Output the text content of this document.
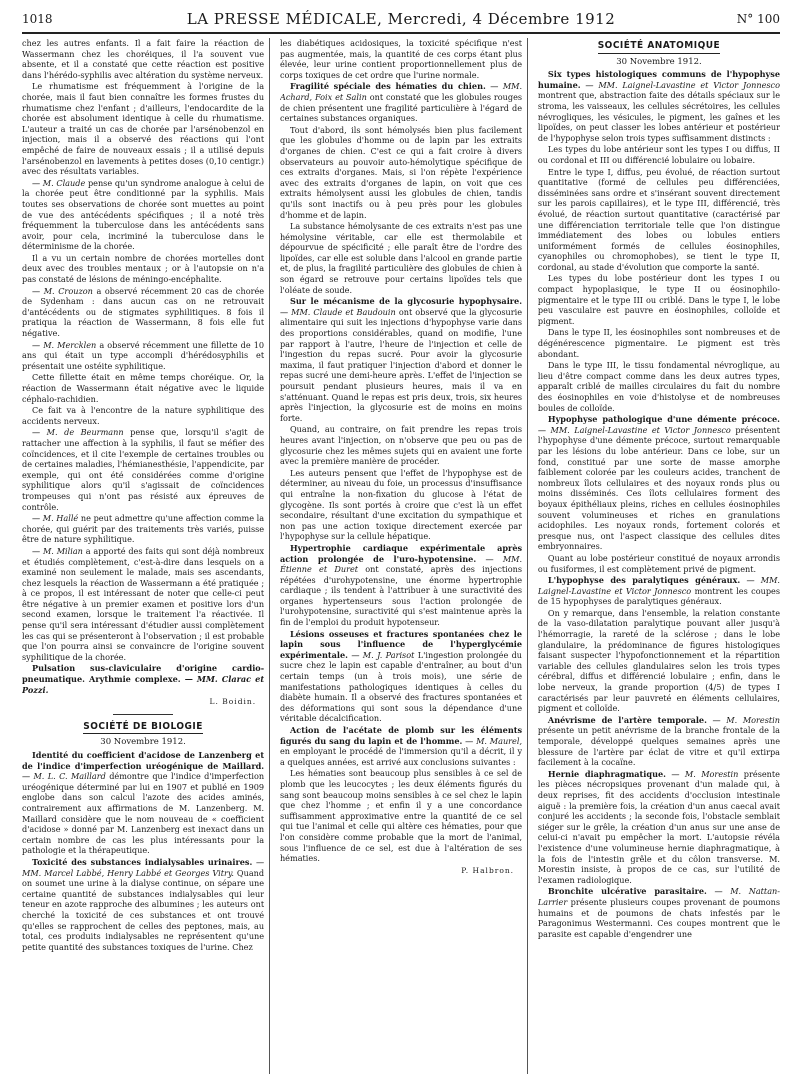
1018	LA PRESSE MÉDICALE, Mercredi, 4 Décembre 1912	N° 100

chez les autres enfants. Il a fait faire la réaction de Wassermann chez les choréiques, il l'a souvent vue absente, et il a constaté que cette réaction est positive dans l'hérédo-syphilis avec altération du système nerveux.

Le rhumatisme est fréquemment à l'origine de la chorée, mais il faut bien connaître les formes frustes du rhumatisme chez l'enfant ; d'ailleurs, l'endocardite de la chorée est absolument identique à celle du rhumatisme. L'auteur a traité un cas de chorée par l'arsénobenzol en injection, mais il a observé des réactions qui l'ont empêché de faire de nouveaux essais ; il a utilisé depuis l'arsénobenzol en lavements à petites doses (0,10 centigr.) avec des résultats variables.

— M. Claude pense qu'un syndrome analogue à celui de la chorée peut être conditionné par la syphilis. Mais toutes ses observations de chorée sont muettes au point de vue des antécédents spécifiques ; il a noté très fréquemment la tuberculose dans les antécédents sans avoir, pour cela, incriminé la tuberculose dans le déterminisme de la chorée.

Il a vu un certain nombre de chorées mortelles dont deux avec des troubles mentaux ; or à l'autopsie on n'a pas constaté de lésions de méningo-encéphalite.

— M. Crouzon a observé récemment 20 cas de chorée de Sydenham : dans aucun cas on ne retrouvait d'antécédents ou de stigmates syphilitiques. 8 fois il pratiqua la réaction de Wassermann, 8 fois elle fut négative.

— M. Mercklen a observé récemment une fillette de 10 ans qui était un type accompli d'hérédosyphilis et présentait une ostéite syphilitique.

Cette fillette était en même temps choréique. Or, la réaction de Wassermann était négative avec le liquide céphalo-rachidien.

Ce fait va à l'encontre de la nature syphilitique des accidents nerveux.

— M. de Beurmann pense que, lorsqu'il s'agit de rattacher une affection à la syphilis, il faut se méfier des coïncidences, et il cite l'exemple de certaines troubles ou de certaines maladies, l'hémianesthésie, l'appendicite, par exemple, qui ont été considérées comme d'origine syphilitique alors qu'il s'agissait de coïncidences trompeuses qui n'ont pas résisté aux épreuves de contrôle.

— M. Hallé ne peut admettre qu'une affection comme la chorée, qui guérit par des traitements très variés, puisse être de nature syphilitique.

— M. Milian a apporté des faits qui sont déjà nombreux et étudiés complètement, c'est-à-dire dans lesquels on a examiné non seulement le malade, mais ses ascendants, chez lesquels la réaction de Wassermann a été pratiquée ; à ce propos, il est intéressant de noter que celle-ci peut être négative à un premier examen et positive lors d'un second examen, lorsque le traitement l'a réactivée. Il pense qu'il sera intéressant d'étudier aussi complètement les cas qui se présenteront à l'observation ; il est probable que l'on pourra ainsi se convaincre de l'origine souvent syphilitique de la chorée.

Pulsation sus-claviculaire d'origine cardio-pneumatique. Arythmie complexe. — MM. Clarac et Pozzi.

L. Boidin.
SOCIÉTÉ DE BIOLOGIE
30 Novembre 1912.

Identité du coefficient d'acidose de Lanzenberg et de l'indice d'imperfection uréogénique de Maillard. — M. L. C. Maillard démontre que l'indice d'imperfection uréogénique déterminé par lui en 1907 et publié en 1909 englobe dans son calcul l'azote des acides aminés, contrairement aux affirmations de M. Lanzenberg. M. Maillard considère que le nom nouveau de « coefficient d'acidose » donné par M. Lanzenberg est inexact dans un certain nombre de cas les plus intéressants pour la pathologie et la thérapeutique.

Toxicité des substances indialysables urinaires. — MM. Marcel Labbé, Henry Labbé et Georges Vitry. Quand on soumet une urine à la dialyse continue, on sépare une certaine quantité de substances indialysables qui leur teneur en azote rapproche des albumines ; les auteurs ont cherché la toxicité de ces substances et ont trouvé qu'elles se rapprochent de celles des peptones, mais, au total, ces produits indialysables ne représentent qu'une petite quantité des substances toxiques de l'urine. Chez

les diabétiques acidosiques, la toxicité spécifique n'est pas augmentée, mais, la quantité de ces corps étant plus élevée, leur urine contient proportionnellement plus de corps toxiques de cet ordre que l'urine normale.

Fragilité spéciale des hématies du chien. — MM. Achard, Foix et Salin ont constaté que les globules rouges de chien présentent une fragilité particulière à l'égard de certaines substances organiques.

Tout d'abord, ils sont hémolysés bien plus facilement que les globules d'homme ou de lapin par les extraits d'organes de chien. C'est ce qui a fait croire à divers observateurs au pouvoir auto-hémolytique spécifique de ces extraits d'organes. Mais, si l'on répète l'expérience avec des extraits d'organes de lapin, on voit que ces extraits hémolysent aussi les globules de chien, tandis qu'ils sont inactifs ou à peu près pour les globules d'homme et de lapin.

La substance hémolysante de ces extraits n'est pas une hémolysine véritable, car elle est thermolabile et dépourvue de spécificité ; elle paraît être de l'ordre des lipoïdes, car elle est soluble dans l'alcool en grande partie et, de plus, la fragilité particulière des globules de chien à son égard se retrouve pour certains lipoïdes tels que l'oléate de soude.

Sur le mécanisme de la glycosurie hypophysaire. — MM. Claude et Baudouin ont observé que la glycosurie alimentaire qui suit les injections d'hypophyse varie dans des proportions considérables, quand on modifie, l'une par rapport à l'autre, l'heure de l'injection et celle de l'ingestion du repas sucré. Pour avoir la glycosurie maxima, il faut pratiquer l'injection d'abord et donner le repas sucré une demi-heure après. L'effet de l'injection se poursuit pendant plusieurs heures, mais il va en s'atténuant. Quand le repas est pris deux, trois, six heures après l'injection, la glycosurie est de moins en moins forte.

Quand, au contraire, on fait prendre les repas trois heures avant l'injection, on n'observe que peu ou pas de glycosurie chez les mêmes sujets qui en avaient une forte avec la première manière de procéder.

Les auteurs pensent que l'effet de l'hypophyse est de déterminer, au niveau du foie, un processus d'insuffisance qui entraîne la non-fixation du glucose à l'état de glycogène. Ils sont portés à croire que c'est là un effet secondaire, résultant d'une excitation du sympathique et non pas une action toxique directement exercée par l'hypophyse sur la cellule hépatique.

Hypertrophie cardiaque expérimentale après action prolongée de l'uro-hypotensine. — MM. Étienne et Duret ont constaté, après des injections répétées d'urohypotensine, une énorme hypertrophie cardiaque ; ils tendent à l'attribuer à une suractivité des organes hypertenseurs sous l'action prolongée de l'urohypotensine, suractivité qui s'est maintenue après la fin de l'emploi du produit hypotenseur.

Lésions osseuses et fractures spontanées chez le lapin sous l'influence de l'hyperglycémie expérimentale. — M. J. Parisot L'ingestion prolongée du sucre chez le lapin est capable d'entraîner, au bout d'un certain temps (un à trois mois), une série de manifestations pathologiques identiques à celles du diabète humain. Il a observé des fractures spontanées et des déformations qui sont sous la dépendance d'une véritable décalcification.

Action de l'acétate de plomb sur les éléments figurés du sang du lapin et de l'homme. — M. Maurel, en employant le procédé de l'immersion qu'il a décrit, il y a quelques années, est arrivé aux conclusions suivantes :

Les hématies sont beaucoup plus sensibles à ce sel de plomb que les leucocytes ; les deux éléments figurés du sang sont beaucoup moins sensibles à ce sel chez le lapin que chez l'homme ; et enfin il y a une concordance suffisamment approximative entre la quantité de ce sel qui tue l'animal et celle qui altère ces hématies, pour que l'on considère comme probable que la mort de l'animal, sous l'influence de ce sel, est due à l'altération de ses hématies.

P. Halbron.
SOCIÉTÉ ANATOMIQUE
30 Novembre 1912.

Six types histologiques communs de l'hypophyse humaine. — MM. Laignel-Lavastine et Victor Jonnesco montrent que, abstraction faite des détails spéciaux sur le stroma, les vaisseaux, les cellules sécrétoires, les cellules névrogliques, les vésicules, le pigment, les gaînes et les lipoïdes, on peut classer les lobes antérieur et postérieur de l'hypophyse selon trois types suffisamment distincts :

Les types du lobe antérieur sont les types I ou diffus, II ou cordonal et III ou différencié lobulaire ou lobaire.

Entre le type I, diffus, peu évolué, de réaction surtout quantitative (formé de cellules peu différenciées, disséminées sans ordre et s'insérant souvent directement sur les parois capillaires), et le type III, différencié, très évolué, de réaction surtout quantitative (caractérisé par une différenciation territoriale telle que l'on distingue immédiatement des lobes ou lobules entiers uniformément formés de cellules éosinophiles, cyanophiles ou chromophobes), se tient le type II, cordonal, au stade d'évolution que comporte la santé.

Les types du lobe postérieur dont les types I ou compact hypoplasique, le type II ou éosinophilo-pigmentaire et le type III ou criblé. Dans le type I, le lobe peu vasculaire est pauvre en éosinophiles, colloïde et pigment.

Dans le type II, les éosinophiles sont nombreuses et de dégénérescence pigmentaire. Le pigment est très abondant.

Dans le type III, le tissu fondamental névroglique, au lieu d'être compact comme dans les deux autres types, apparaît criblé de mailles circulaires du fait du nombre des éosinophiles en voie d'histolyse et de nombreuses boules de colloïde.

Hypophyse pathologique d'une démente précoce. — MM. Laignel-Lavastine et Victor Jonnesco présentent l'hypophyse d'une démente précoce, surtout remarquable par les lésions du lobe antérieur. Dans ce lobe, sur un fond, constitué par une sorte de masse amorphe faiblement colorée par les couleurs acides, tranchent de nombreux îlots cellulaires et des noyaux ronds plus ou moins disséminés. Ces îlots cellulaires forment des boyaux épithéliaux pleins, riches en cellules éosinophiles souvent volumineuses et riches en granulations acidophiles. Les noyaux ronds, fortement colorés et presque nus, ont l'aspect classique des cellules dites embryonnaires.

Quant au lobe postérieur constitué de noyaux arrondis ou fusiformes, il est complètement privé de pigment.

L'hypophyse des paralytiques généraux. — MM. Laignel-Lavastine et Victor Jonnesco montrent les coupes de 15 hypophyses de paralytiques généraux.

On y remarque, dans l'ensemble, la relation constante de la vaso-dilatation paralytique pouvant aller jusqu'à l'hémorragie, la rareté de la sclérose ; dans le lobe glandulaire, la prédominance de figures histologiques faisant suspecter l'hypofonctionnement et la répartition variable des cellules glandulaires selon les trois types cérébral, diffus et différencié lobulaire ; enfin, dans le lobe nerveux, la grande proportion (4/5) de types I caractérisés par leur pauvreté en éléments cellulaires, pigment et colloïde.

Anévrisme de l'artère temporale. — M. Morestin présente un petit anévrisme de la branche frontale de la temporale, développé quelques semaines après une blessure de l'artère par éclat de vitre et qu'il extirpa facilement à la cocaïne.

Hernie diaphragmatique. — M. Morestin présente les pièces nécropsiques provenant d'un malade qui, à deux reprises, fit des accidents d'occlusion intestinale aiguë : la première fois, la création d'un anus caecal avait conjuré les accidents ; la seconde fois, l'obstacle semblait siéger sur le grêle, la création d'un anus sur une anse de celui-ci n'avait pu empêcher la mort. L'autopsie révéla l'existence d'une volumineuse hernie diaphragmatique, à la fois de l'intestin grêle et du côlon transverse. M. Morestin insiste, à propos de ce cas, sur l'utilité de l'examen radiologique.

Bronchite ulcérative parasitaire. — M. Nattan-Larrier présente plusieurs coupes provenant de poumons humains et de poumons de chats infestés par le Paragonimus Westermanni. Ces coupes montrent que le parasite est capable d'engendrer une
